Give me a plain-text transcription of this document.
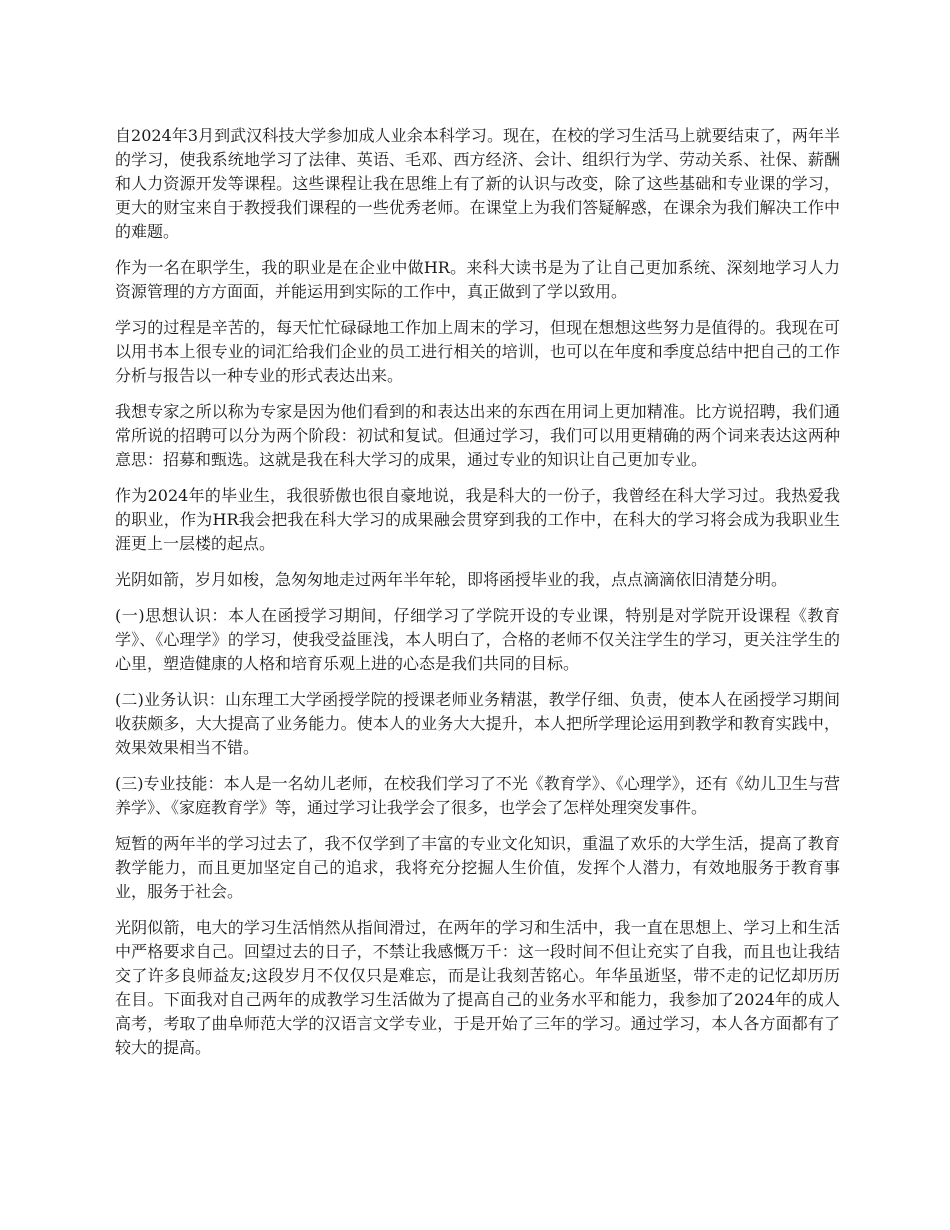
自2024年3月到武汉科技大学参加成人业余本科学习。现在，在校的学习生活马上就要结束了，两年半的学习，使我系统地学习了法律、英语、毛邓、西方经济、会计、组织行为学、劳动关系、社保、薪酬和人力资源开发等课程。这些课程让我在思维上有了新的认识与改变，除了这些基础和专业课的学习，更大的财宝来自于教授我们课程的一些优秀老师。在课堂上为我们答疑解惑，在课余为我们解决工作中的难题。

作为一名在职学生，我的职业是在企业中做HR。来科大读书是为了让自己更加系统、深刻地学习人力资源管理的方方面面，并能运用到实际的工作中，真正做到了学以致用。

学习的过程是辛苦的，每天忙忙碌碌地工作加上周末的学习，但现在想想这些努力是值得的。我现在可以用书本上很专业的词汇给我们企业的员工进行相关的培训，也可以在年度和季度总结中把自己的工作分析与报告以一种专业的形式表达出来。

我想专家之所以称为专家是因为他们看到的和表达出来的东西在用词上更加精准。比方说招聘，我们通常所说的招聘可以分为两个阶段：初试和复试。但通过学习，我们可以用更精确的两个词来表达这两种意思：招募和甄选。这就是我在科大学习的成果，通过专业的知识让自己更加专业。

作为2024年的毕业生，我很骄傲也很自豪地说，我是科大的一份子，我曾经在科大学习过。我热爱我的职业，作为HR我会把我在科大学习的成果融会贯穿到我的工作中，在科大的学习将会成为我职业生涯更上一层楼的起点。

光阴如箭，岁月如梭，急匆匆地走过两年半年轮，即将函授毕业的我，点点滴滴依旧清楚分明。

(一)思想认识：本人在函授学习期间，仔细学习了学院开设的专业课，特别是对学院开设课程《教育学》、《心理学》的学习，使我受益匪浅，本人明白了，合格的老师不仅关注学生的学习，更关注学生的心里，塑造健康的人格和培育乐观上进的心态是我们共同的目标。

(二)业务认识：山东理工大学函授学院的授课老师业务精湛，教学仔细、负责，使本人在函授学习期间收获颇多，大大提高了业务能力。使本人的业务大大提升，本人把所学理论运用到教学和教育实践中，效果效果相当不错。

(三)专业技能：本人是一名幼儿老师，在校我们学习了不光《教育学》、《心理学》，还有《幼儿卫生与营养学》、《家庭教育学》等，通过学习让我学会了很多，也学会了怎样处理突发事件。

短暂的两年半的学习过去了，我不仅学到了丰富的专业文化知识，重温了欢乐的大学生活，提高了教育教学能力，而且更加坚定自己的追求，我将充分挖掘人生价值，发挥个人潜力，有效地服务于教育事业，服务于社会。

光阴似箭，电大的学习生活悄然从指间滑过，在两年的学习和生活中，我一直在思想上、学习上和生活中严格要求自己。回望过去的日子，不禁让我感慨万千：这一段时间不但让充实了自我，而且也让我结交了许多良师益友;这段岁月不仅仅只是难忘，而是让我刻苦铭心。年华虽逝坚，带不走的记忆却历历在目。下面我对自己两年的成教学习生活做为了提高自己的业务水平和能力，我参加了2024年的成人高考，考取了曲阜师范大学的汉语言文学专业，于是开始了三年的学习。通过学习，本人各方面都有了较大的提高。
